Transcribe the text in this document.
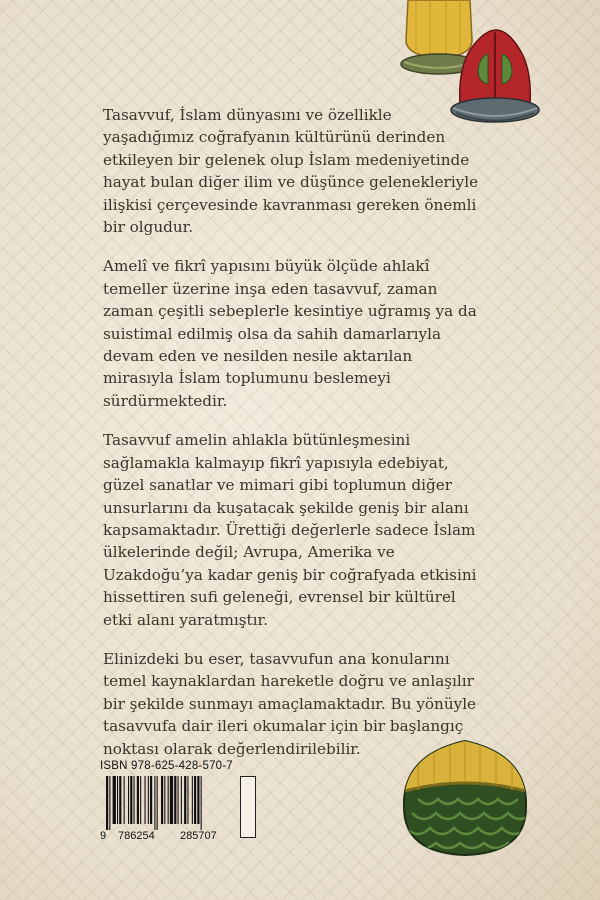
Tasavvuf, İslam dünyasını ve özellikle yaşadığımız coğrafyanın kültürünü derinden etkileyen bir gelenek olup İslam medeniyetinde hayat bulan diğer ilim ve düşünce gelenekleriyle ilişkisi çerçevesinde kavranması gereken önemli bir olgudur.

Amelî ve fikrî yapısını büyük ölçüde ahlakî temeller üzerine inşa eden tasavvuf, zaman zaman çeşitli sebeplerle kesintiye uğramış ya da suistimal edilmiş olsa da sahih damarlarıyla devam eden ve nesilden nesile aktarılan mirasıyla İslam toplumunu beslemeyi sürdürmektedir.

Tasavvuf amelin ahlakla bütünleşmesini sağlamakla kalmayıp fikrî yapısıyla edebiyat, güzel sanatlar ve mimari gibi toplumun diğer unsurlarını da kuşatacak şekilde geniş bir alanı kapsamaktadır. Ürettiği değerlerle sadece İslam ülkelerinde değil; Avrupa, Amerika ve Uzakdoğu’ya kadar geniş bir coğrafyada etkisini hissettiren sufi geleneği, evrensel bir kültürel etki alanı yaratmıştır.

Elinizdeki bu eser, tasavvufun ana konularını temel kaynaklardan hareketle doğru ve anlaşılır bir şekilde sunmayı amaçlamaktadır. Bu yönüyle tasavvufa dair ileri okumalar için bir başlangıç noktası olarak değerlendirilebilir.

ISBN 978-625-428-570-7
9 786254 285707
